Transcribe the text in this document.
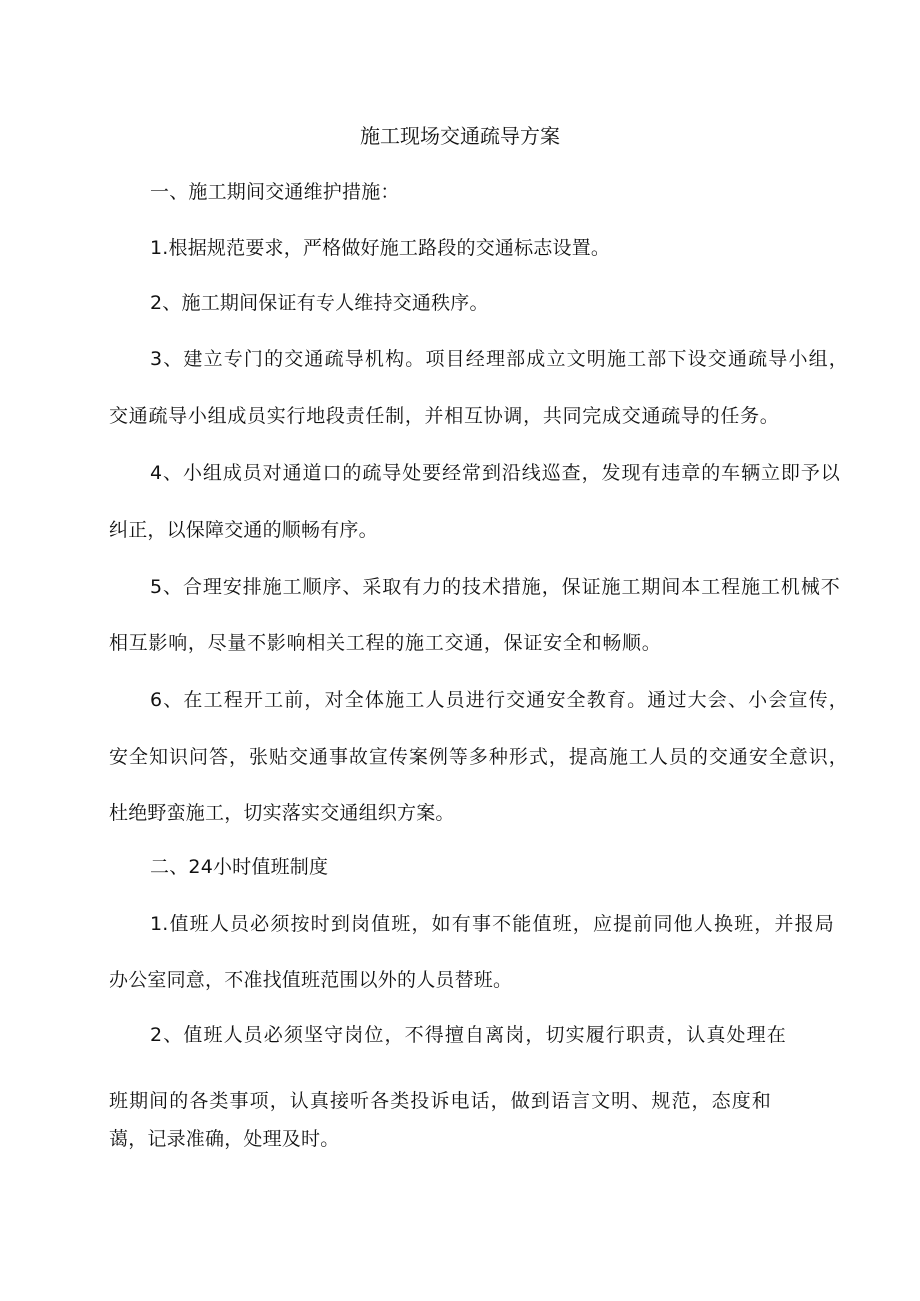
施工现场交通疏导方案
一、施工期间交通维护措施：
1.根据规范要求，严格做好施工路段的交通标志设置。
2、施工期间保证有专人维持交通秩序。
3、建立专门的交通疏导机构。项目经理部成立文明施工部下设交通疏导小组，
交通疏导小组成员实行地段责任制，并相互协调，共同完成交通疏导的任务。
4、小组成员对通道口的疏导处要经常到沿线巡查，发现有违章的车辆立即予以
纠正，以保障交通的顺畅有序。
5、合理安排施工顺序、采取有力的技术措施，保证施工期间本工程施工机械不
相互影响，尽量不影响相关工程的施工交通，保证安全和畅顺。
6、在工程开工前，对全体施工人员进行交通安全教育。通过大会、小会宣传，
安全知识问答，张贴交通事故宣传案例等多种形式，提高施工人员的交通安全意识，
杜绝野蛮施工，切实落实交通组织方案。
二、24小时值班制度
1.值班人员必须按时到岗值班，如有事不能值班，应提前同他人换班，并报局
办公室同意，不准找值班范围以外的人员替班。
2、值班人员必须坚守岗位，不得擅自离岗，切实履行职责，认真处理在
班期间的各类事项，认真接听各类投诉电话，做到语言文明、规范，态度和
蔼，记录准确，处理及时。
